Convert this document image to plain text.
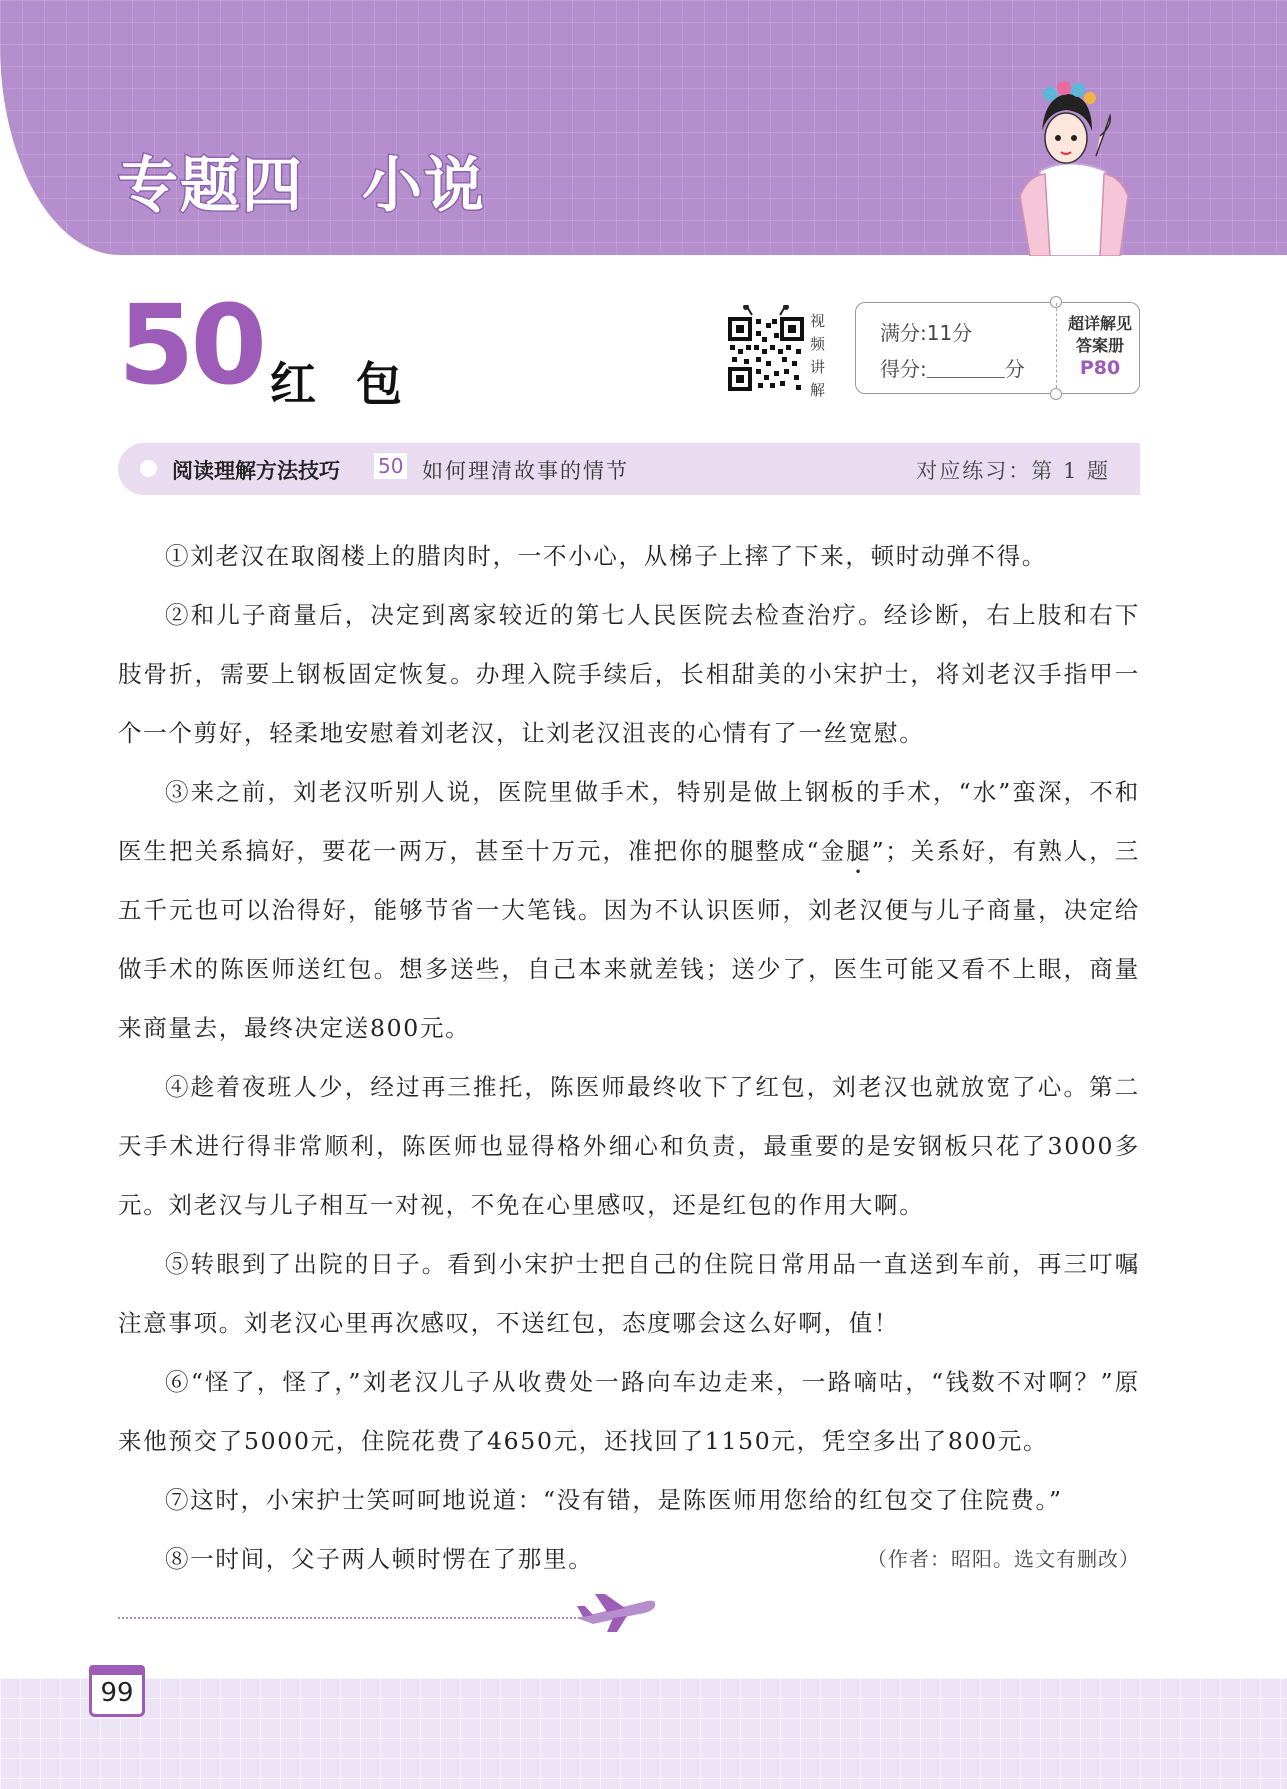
专题四 小说
50 红包
视频讲解
满分:11分
得分:	分
超详解见
答案册
P80
阅读理解方法技巧 50 如何理清故事的情节	对应练习：第 1 题

①刘老汉在取阁楼上的腊肉时，一不小心，从梯子上摔了下来，顿时动弹不得。

②和儿子商量后，决定到离家较近的第七人民医院去检查治疗。经诊断，右上肢和右下肢骨折，需要上钢板固定恢复。办理入院手续后，长相甜美的小宋护士，将刘老汉手指甲一个一个剪好，轻柔地安慰着刘老汉，让刘老汉沮丧的心情有了一丝宽慰。

③来之前，刘老汉听别人说，医院里做手术，特别是做上钢板的手术，“水”蛮深，不和医生把关系搞好，要花一两万，甚至十万元，准把你的腿整成“金腿”；关系好，有熟人，三五千元也可以治得好，能够节省一大笔钱。因为不认识医师，刘老汉便与儿子商量，决定给做手术的陈医师送红包。想多送些，自己本来就差钱；送少了，医生可能又看不上眼，商量来商量去，最终决定送800元。

④趁着夜班人少，经过再三推托，陈医师最终收下了红包，刘老汉也就放宽了心。第二天手术进行得非常顺利，陈医师也显得格外细心和负责，最重要的是安钢板只花了3000多元。刘老汉与儿子相互一对视，不免在心里感叹，还是红包的作用大啊。

⑤转眼到了出院的日子。看到小宋护士把自己的住院日常用品一直送到车前，再三叮嘱注意事项。刘老汉心里再次感叹，不送红包，态度哪会这么好啊，值！

⑥“怪了，怪了，”刘老汉儿子从收费处一路向车边走来，一路嘀咕，“钱数不对啊？”原来他预交了5000元，住院花费了4650元，还找回了1150元，凭空多出了800元。

⑦这时，小宋护士笑呵呵地说道：“没有错，是陈医师用您给的红包交了住院费。”

⑧一时间，父子两人顿时愣在了那里。	（作者：昭阳。选文有删改）

99
